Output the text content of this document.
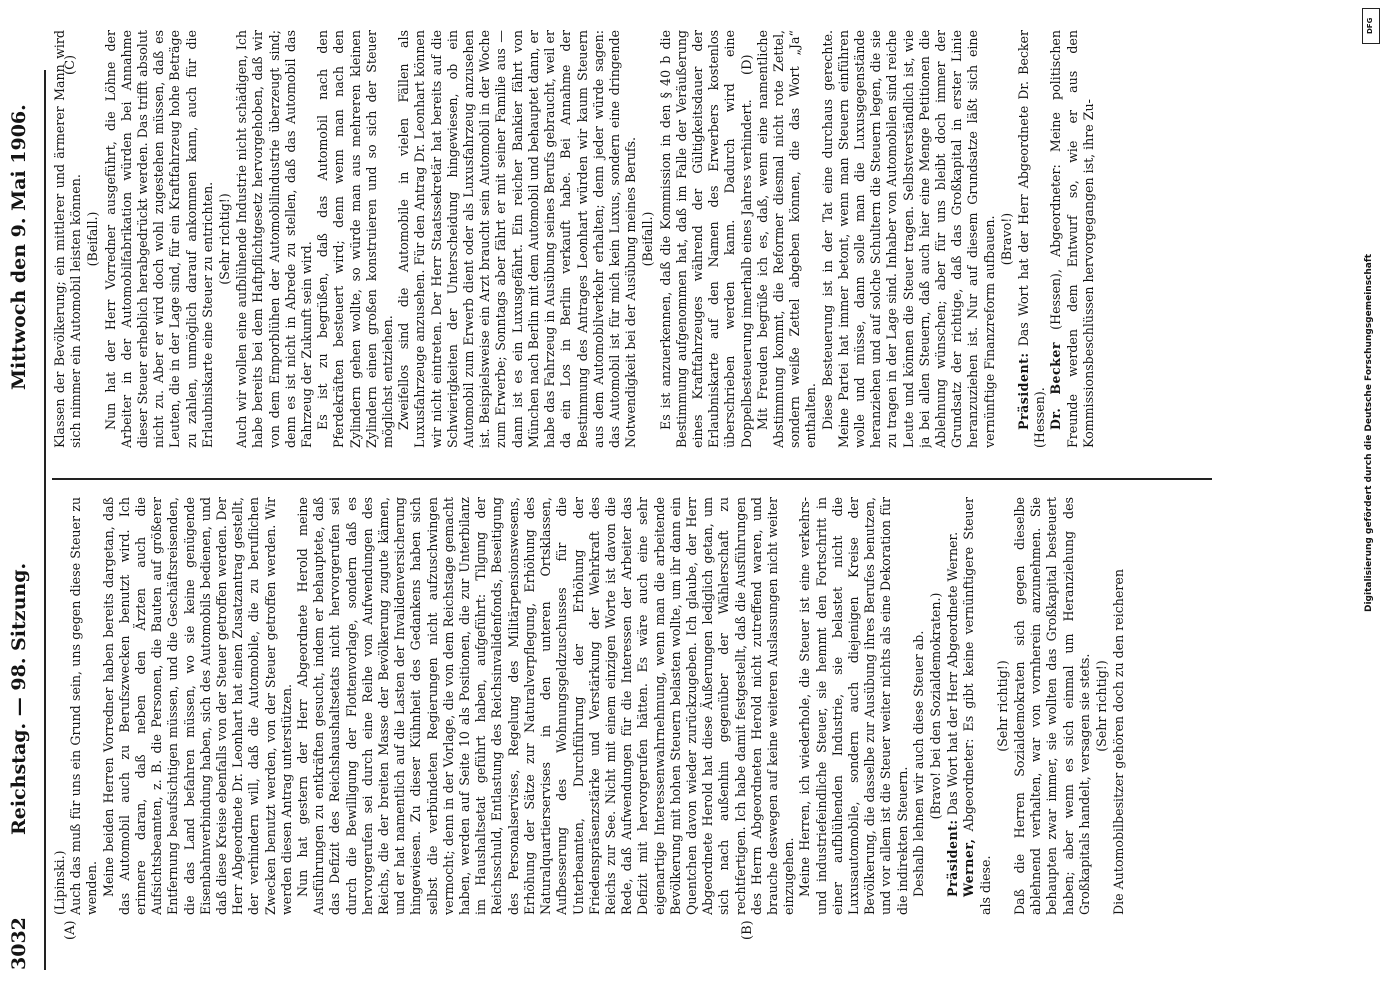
3032
Reichstag. — 98. Sitzung.
Mittwoch den 9. Mai 1906.
(A)	(B)
(C)	(D)

(Lipinski.) Auch das muß für uns ein Grund sein, uns gegen diese Steuer zu wenden. Meine beiden Herren Vorredner haben bereits dargetan, daß das Automobil auch zu Berufszwecken benutzt wird. Ich erinnere daran, daß neben den Ärzten auch die Aufsichtsbeamten, z. B. die Personen, die Bauten auf größerer Entfernung beaufsichtigen müssen, und die Geschäftsreisenden, die das Land befahren müssen, wo sie keine genügende Eisenbahnverbindung haben, sich des Automobils bedienen, und daß diese Kreise ebenfalls von der Steuer getroffen werden. Der Herr Abgeordnete Dr. Leonhart hat einen Zusatzantrag gestellt, der verhindern will, daß die Automobile, die zu beruflichen Zwecken benutzt werden, von der Steuer getroffen werden. Wir werden diesen Antrag unterstützen. Nun hat gestern der Herr Abgeordnete Herold meine Ausführungen zu entkräften gesucht, indem er behauptete, daß das Defizit des Reichshaushaltsetats nicht hervorgerufen sei durch die Bewilligung der Flottenvorlage, sondern daß es hervorgerufen sei durch eine Reihe von Aufwendungen des Reichs, die der breiten Masse der Bevölkerung zugute kämen, und er hat namentlich auf die Lasten der Invalidenversicherung hingewiesen. Zu dieser Kühnheit des Gedankens haben sich selbst die verbündeten Regierungen nicht aufzuschwingen vermocht; denn in der Vorlage, die von dem Reichstage gemacht haben, werden auf Seite 10 als Positionen, die zur Unterbilanz im Haushaltsetat geführt haben, aufgeführt: Tilgung der Reichsschuld, Entlastung des Reichsinvalidenfonds, Beseitigung des Personalservises, Regelung des Militärpensionswesens, Erhöhung der Sätze zur Naturalverpflegung, Erhöhung des Naturalquartierservises in den unteren Ortsklassen, Aufbesserung des Wohnungsgeldzuschusses für die Unterbeamten, Durchführung der Erhöhung der Friedenspräsenzstärke und Verstärkung der Wehrkraft des Reichs zur See. Nicht mit einem einzigen Worte ist davon die Rede, daß Aufwendungen für die Interessen der Arbeiter das Defizit mit hervorgerufen hätten. Es wäre auch eine sehr eigenartige Interessenwahrnehmung, wenn man die arbeitende Bevölkerung mit hohen Steuern belasten wollte, um ihr dann ein Quentchen davon wieder zurückzugeben. Ich glaube, der Herr Abgeordnete Herold hat diese Äußerungen lediglich getan, um sich nach außenhin gegenüber der Wählerschaft zu rechtfertigen. Ich habe damit festgestellt, daß die Ausführungen des Herrn Abgeordneten Herold nicht zutreffend waren, und brauche deswegen auf keine weiteren Auslassungen nicht weiter einzugehen. Meine Herren, ich wiederhole, die Steuer ist eine verkehrs- und industriefeindliche Steuer, sie hemmt den Fortschritt in einer aufblühenden Industrie, sie belastet nicht die Luxusautomobile, sondern auch diejenigen Kreise der Bevölkerung, die dasselbe zur Ausübung ihres Berufes benutzen, und vor allem ist die Steuer weiter nichts als eine Dekoration für die indirekten Steuern. Deshalb lehnen wir auch diese Steuer ab. (Bravo! bei den Sozialdemokraten.)

Präsident: Das Wort hat der Herr Abgeordnete Werner.

Werner, Abgeordneter: Es gibt keine vernünftigere Steuer als diese.

(Sehr richtig!) Daß die Herren Sozialdemokraten sich gegen dieselbe ablehnend verhalten, war von vornherein anzunehmen. Sie behaupten zwar immer, sie wollten das Großkapital besteuert haben; aber wenn es sich einmal um Heranziehung des Großkapitals handelt, versagen sie stets. (Sehr richtig!) Die Automobilbesitzer gehören doch zu den reicheren

Klassen der Bevölkerung; ein mittlerer und ärmerer Mann wird sich nimmer ein Automobil leisten können. (Beifall.) Nun hat der Herr Vorredner ausgeführt, die Löhne der Arbeiter in der Automobilfabrikation würden bei Annahme dieser Steuer erheblich herabgedrückt werden. Das trifft absolut nicht zu. Aber er wird doch wohl zugestehen müssen, daß es Leuten, die in der Lage sind, für ein Kraftfahrzeug hohe Beträge zu zahlen, unmöglich darauf ankommen kann, auch für die Erlaubniskarte eine Steuer zu entrichten. (Sehr richtig!) Auch wir wollen eine aufblühende Industrie nicht schädigen, Ich habe bereits bei dem Haftpflichtgesetz hervorgehoben, daß wir von dem Emporblühen der Automobilindustrie überzeugt sind; denn es ist nicht in Abrede zu stellen, daß das Automobil das Fahrzeug der Zukunft sein wird. Es ist zu begrüßen, daß das Automobil nach den Pferdekräften besteuert wird; denn wenn man nach den Zylindern gehen wollte, so würde man aus mehreren kleinen Zylindern einen großen konstruieren und so sich der Steuer möglichst entziehen. Zweifellos sind die Automobile in vielen Fällen als Luxusfahrzeuge anzusehen. Für den Antrag Dr. Leonhart können wir nicht eintreten. Der Herr Staatssekretär hat bereits auf die Schwierigkeiten der Unterscheidung hingewiesen, ob ein Automobil zum Erwerb dient oder als Luxusfahrzeug anzusehen ist. Beispielsweise ein Arzt braucht sein Automobil in der Woche zum Erwerbe; Sonntags aber fährt er mit seiner Familie aus — dann ist es ein Luxusgefährt. Ein reicher Bankier fährt von München nach Berlin mit dem Automobil und behauptet dann, er habe das Fahrzeug in Ausübung seines Berufs gebraucht, weil er da ein Los in Berlin verkauft habe. Bei Annahme der Bestimmung des Antrages Leonhart würden wir kaum Steuern aus dem Automobilverkehr erhalten; denn jeder würde sagen: das Automobil ist für mich kein Luxus, sondern eine dringende Notwendigkeit bei der Ausübung meines Berufs. (Beifall.) Es ist anzuerkennen, daß die Kommission in den § 40 b die Bestimmung aufgenommen hat, daß im Falle der Veräußerung eines Kraftfahrzeuges während der Gültigkeitsdauer der Erlaubniskarte auf den Namen des Erwerbers kostenlos überschrieben werden kann. Dadurch wird eine Doppelbesteuerung innerhalb eines Jahres verhindert. Mit Freuden begrüße ich es, daß, wenn eine namentliche Abstimmung kommt, die Reformer diesmal nicht rote Zettel, sondern weiße Zettel abgeben können, die das Wort „Ja“ enthalten. Diese Besteuerung ist in der Tat eine durchaus gerechte. Meine Partei hat immer betont, wenn man Steuern einführen wolle und müsse, dann solle man die Luxusgegenstände heranziehen und auf solche Schultern die Steuern legen, die sie zu tragen in der Lage sind. Inhaber von Automobilen sind reiche Leute und können die Steuer tragen. Selbstverständlich ist, wie ja bei allen Steuern, daß auch hier eine Menge Petitionen die Ablehnung wünschen; aber für uns bleibt doch immer der Grundsatz der richtige, daß das Großkapital in erster Linie heranzuziehen ist. Nur auf diesem Grundsatze läßt sich eine vernünftige Finanzreform aufbauen. (Bravo!)

Präsident: Das Wort hat der Herr Abgeordnete Dr. Becker (Hessen). Dr. Becker (Hessen), Abgeordneter: Meine politischen Freunde werden dem Entwurf so, wie er aus den Kommissionsbeschlüssen hervorgegangen ist, ihre Zu-

DFG
Digitalisierung gefördert durch die Deutsche Forschungsgemeinschaft
